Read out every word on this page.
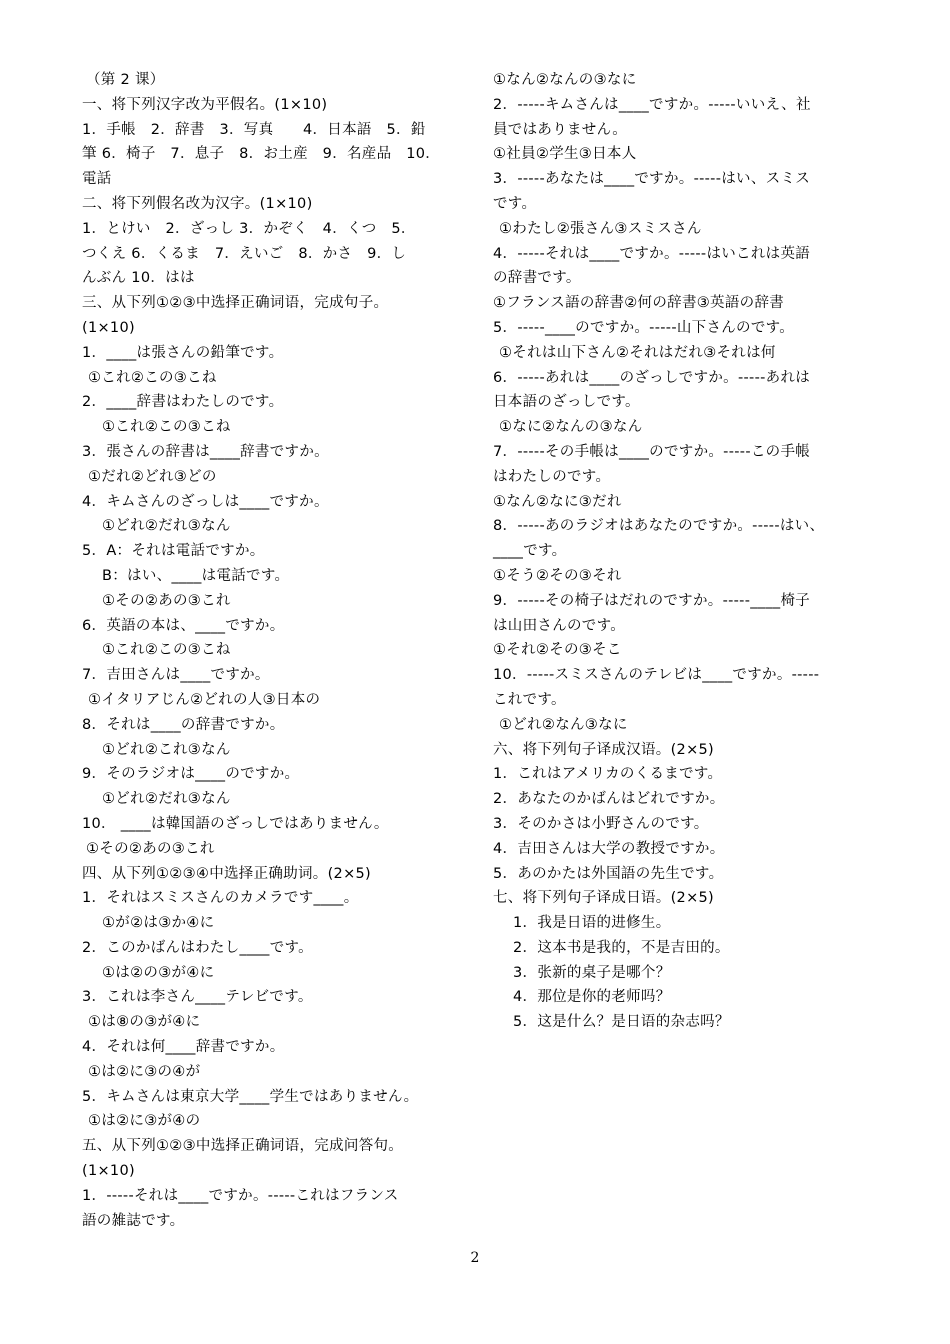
（第 2 课）
一、将下列汉字改为平假名。(1×10)
1．手帳　2．辞書　3．写真　　4．日本語　5．鉛
筆 6．椅子　7．息子　8．お土産　9．名産品　10．
電話
二、将下列假名改为汉字。(1×10)
1．とけい　2．ざっし 3．かぞく　4．くつ　5．
つくえ 6．くるま　7．えいご　8．かさ　9．し
んぶん 10．はは
三、从下列①②③中选择正确词语，完成句子。
(1×10)
1．____は張さんの鉛筆です。
①これ②この③こね
2．____辞書はわたしのです。
①これ②この③こね
3．張さんの辞書は____辞書ですか。
①だれ②どれ③どの
4．キムさんのざっしは____ですか。
①どれ②だれ③なん
5．A：それは電話ですか。
B：はい、____は電話です。
①その②あの③これ
6．英語の本は、____ですか。
①これ②この③こね
7．吉田さんは____ですか。
①イタリアじん②どれの人③日本の
8．それは____の辞書ですか。
①どれ②これ③なん
9．そのラジオは____のですか。
①どれ②だれ③なん
10． ____は韓国語のざっしではありません。
①その②あの③これ
四、从下列①②③④中选择正确助词。(2×5)
1．それはスミスさんのカメラです____。
①が②は③か④に
2．このかばんはわたし____です。
①は②の③が④に
3．これは李さん____テレビです。
①は⑧の③が④に
4．それは何____辞書ですか。
①は②に③の④が
5．キムさんは東京大学____学生ではありません。
①は②に③が④の
五、从下列①②③中选择正确词语，完成问答句。
(1×10)
1．-----それは____ですか。-----これはフランス
語の雑誌です。
①なん②なんの③なに
2．-----キムさんは____ですか。-----いいえ、社
員ではありません。
①社員②学生③日本人
3．-----あなたは____ですか。-----はい、スミス
です。
①わたし②張さん③スミスさん
4．-----それは____ですか。-----はいこれは英語
の辞書です。
①フランス語の辞書②何の辞書③英語の辞書
5．-----____のですか。-----山下さんのです。
①それは山下さん②それはだれ③それは何
6．-----あれは____のざっしですか。-----あれは
日本語のざっしです。
①なに②なんの③なん
7．-----その手帳は____のですか。-----この手帳
はわたしのです。
①なん②なに③だれ
8．-----あのラジオはあなたのですか。-----はい、
____です。
①そう②その③それ
9．-----その椅子はだれのですか。-----____椅子
は山田さんのです。
①それ②その③そこ
10．-----スミスさんのテレビは____ですか。-----
これです。
①どれ②なん③なに
六、将下列句子译成汉语。(2×5)
1．これはアメリカのくるまです。
2．あなたのかばんはどれですか。
3．そのかさは小野さんのです。
4．吉田さんは大学の教授ですか。
5．あのかたは外国語の先生です。
七、将下列句子译成日语。(2×5)
1．我是日语的进修生。
2．这本书是我的，不是吉田的。
3．张新的桌子是哪个？
4．那位是你的老师吗？
5．这是什么？是日语的杂志吗？
2
